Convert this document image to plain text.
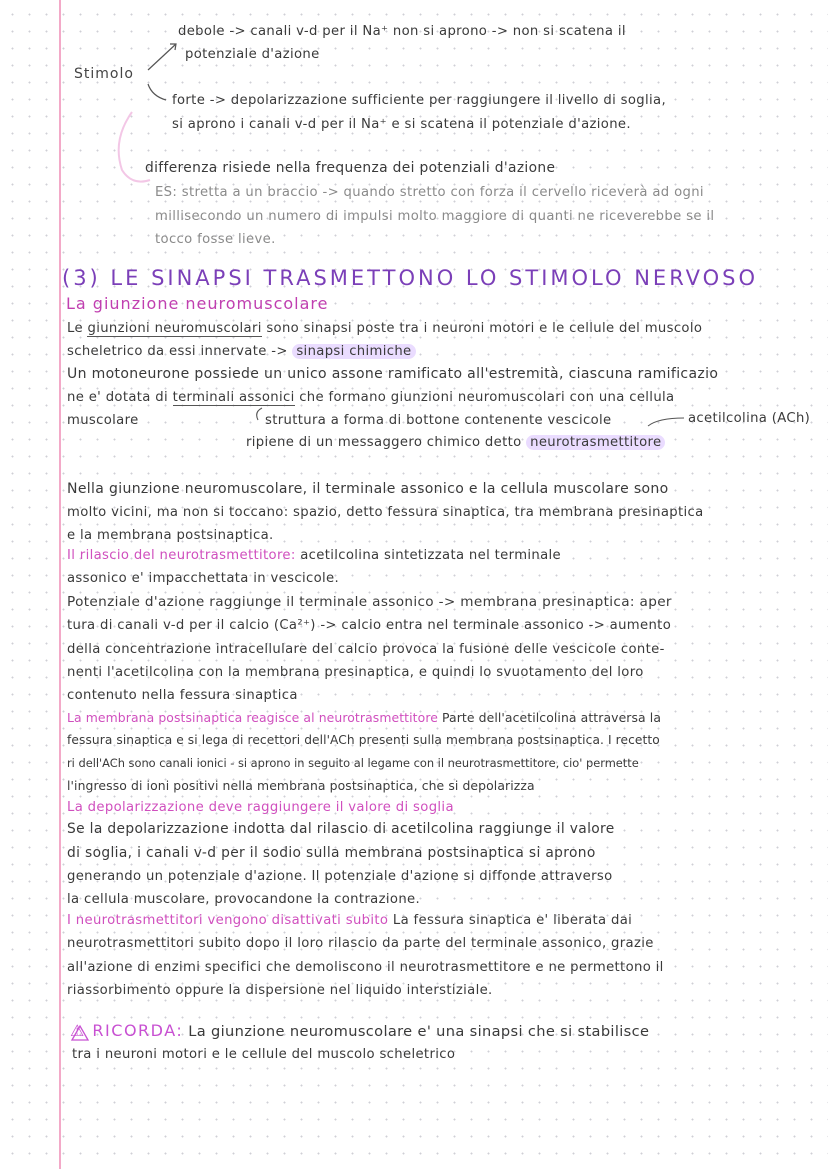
Stimolo
debole -> canali v-d per il Na⁺ non si aprono -> non si scatena il
potenziale d'azione
forte -> depolarizzazione sufficiente per raggiungere il livello di soglia,
si aprono i canali v-d per il Na⁺ e si scatena il potenziale d'azione.
differenza risiede nella frequenza dei potenziali d'azione
ES: stretta a un braccio -> quando stretto con forza il cervello riceverà ad ogni
millisecondo un numero di impulsi molto maggiore di quanti ne riceverebbe se il
tocco fosse lieve.
(3) LE SINAPSI TRASMETTONO LO STIMOLO NERVOSO
La giunzione neuromuscolare
Le giunzioni neuromuscolari sono sinapsi poste tra i neuroni motori e le cellule del muscolo
scheletrico da essi innervate -> sinapsi chimiche
Un motoneurone possiede un unico assone ramificato all'estremità, ciascuna ramificazio
ne e' dotata di terminali assonici che formano giunzioni neuromuscolari con una cellula
muscolare	struttura a forma di bottone contenente vescicole	acetilcolina (ACh)
ripiene di un messaggero chimico detto neurotrasmettitore
Nella giunzione neuromuscolare, il terminale assonico e la cellula muscolare sono
molto vicini, ma non si toccano: spazio, detto fessura sinaptica, tra membrana presinaptica
e la membrana postsinaptica.
Il rilascio del neurotrasmettitore: acetilcolina sintetizzata nel terminale
assonico e' impacchettata in vescicole.
Potenziale d'azione raggiunge il terminale assonico -> membrana presinaptica: aper
tura di canali v-d per il calcio (Ca²⁺) -> calcio entra nel terminale assonico -> aumento
della concentrazione intracellulare del calcio provoca la fusione delle vescicole conte-
nenti l'acetilcolina con la membrana presinaptica, e quindi lo svuotamento del loro
contenuto nella fessura sinaptica
La membrana postsinaptica reagisce al neurotrasmettitore Parte dell'acetilcolina attraversa la
fessura sinaptica e si lega di recettori dell'ACh presenti sulla membrana postsinaptica. I recetto
ri dell'ACh sono canali ionici - si aprono in seguito al legame con il neurotrasmettitore, cio' permette
l'ingresso di ioni positivi nella membrana postsinaptica, che si depolarizza
La depolarizzazione deve raggiungere il valore di soglia
Se la depolarizzazione indotta dal rilascio di acetilcolina raggiunge il valore
di soglia, i canali v-d per il sodio sulla membrana postsinaptica si aprono
generando un potenziale d'azione. Il potenziale d'azione si diffonde attraverso
la cellula muscolare, provocandone la contrazione.
I neurotrasmettitori vengono disattivati subito La fessura sinaptica e' liberata dai
neurotrasmettitori subito dopo il loro rilascio da parte del terminale assonico, grazie
all'azione di enzimi specifici che demoliscono il neurotrasmettitore e ne permettono il
riassorbimento oppure la dispersione nel liquido interstiziale.
⚠ RICORDA: La giunzione neuromuscolare e' una sinapsi che si stabilisce
tra i neuroni motori e le cellule del muscolo scheletrico
